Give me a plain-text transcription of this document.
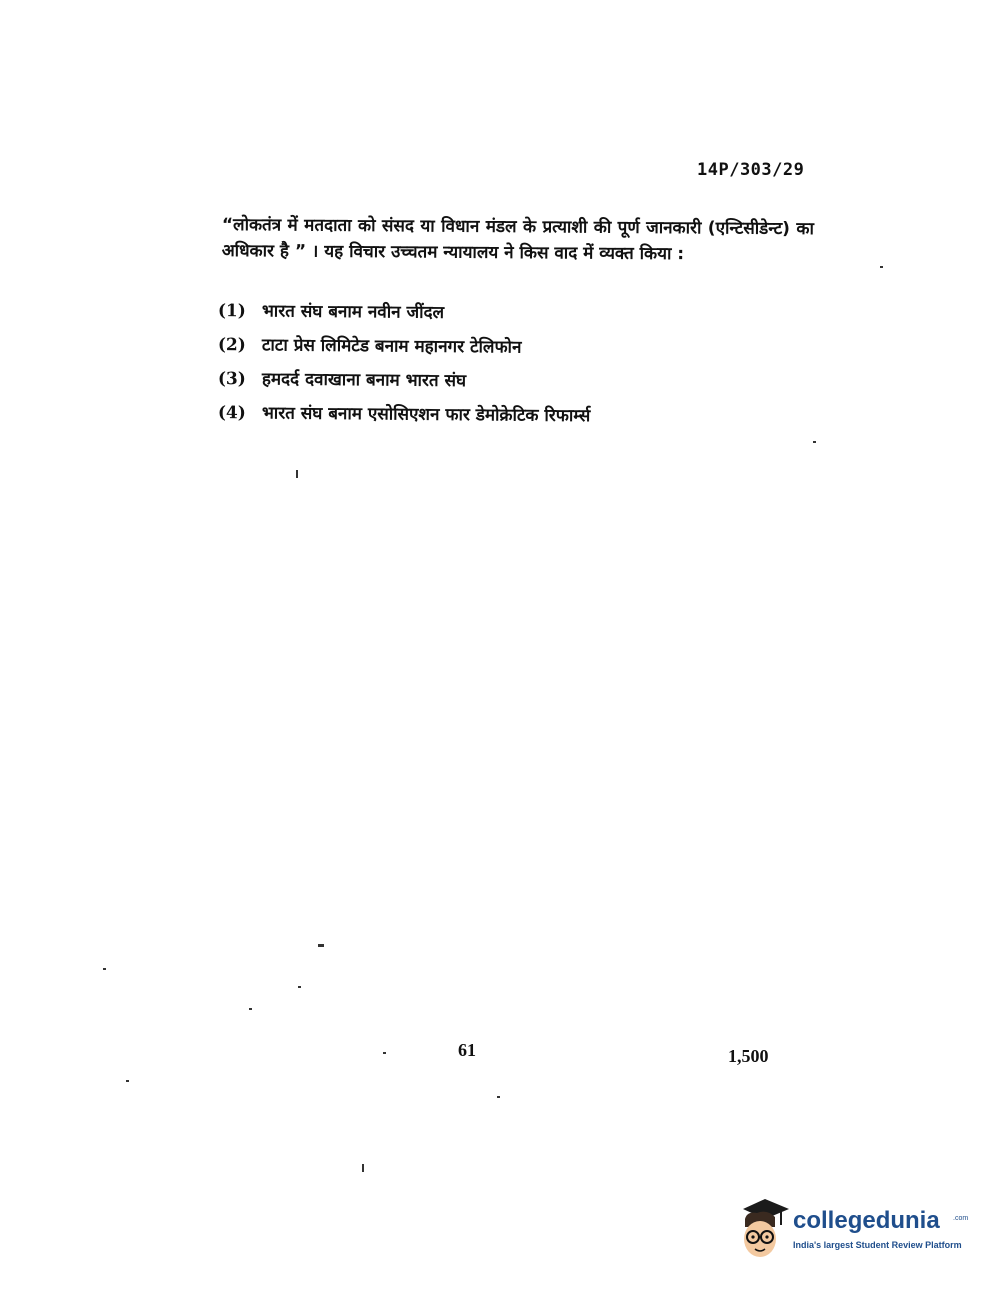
14P/303/29
“लोकतंत्र में मतदाता को संसद या विधान मंडल के प्रत्याशी की पूर्ण जानकारी (एन्टिसीडेन्ट) का अधिकार है ” । यह विचार उच्चतम न्यायालय ने किस वाद में व्यक्त किया :
(1) भारत संघ बनाम नवीन जींदल
(2) टाटा प्रेस लिमिटेड बनाम महानगर टेलिफोन
(3) हमदर्द दवाखाना बनाम भारत संघ
(4) भारत संघ बनाम एसोसिएशन फार डेमोक्रेटिक रिफार्म्स
61	1,500
collegedunia .com
India's largest Student Review Platform
